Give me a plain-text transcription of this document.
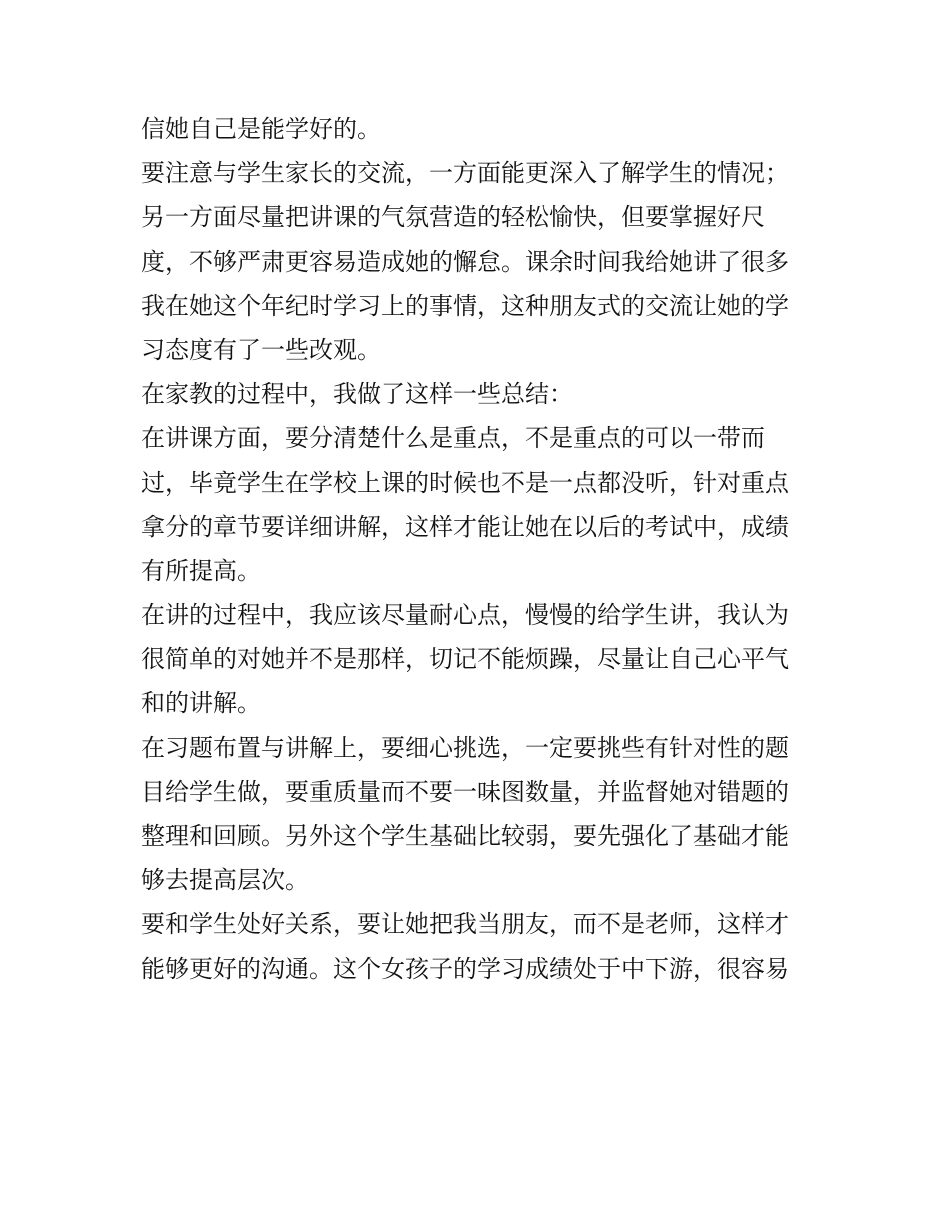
信她自己是能学好的。
要注意与学生家长的交流，一方面能更深入了解学生的情况；
另一方面尽量把讲课的气氛营造的轻松愉快，但要掌握好尺
度，不够严肃更容易造成她的懈怠。课余时间我给她讲了很多
我在她这个年纪时学习上的事情，这种朋友式的交流让她的学
习态度有了一些改观。
在家教的过程中，我做了这样一些总结：
在讲课方面，要分清楚什么是重点，不是重点的可以一带而
过，毕竟学生在学校上课的时候也不是一点都没听，针对重点
拿分的章节要详细讲解，这样才能让她在以后的考试中，成绩
有所提高。
在讲的过程中，我应该尽量耐心点，慢慢的给学生讲，我认为
很简单的对她并不是那样，切记不能烦躁，尽量让自己心平气
和的讲解。
在习题布置与讲解上，要细心挑选，一定要挑些有针对性的题
目给学生做，要重质量而不要一味图数量，并监督她对错题的
整理和回顾。另外这个学生基础比较弱，要先强化了基础才能
够去提高层次。
要和学生处好关系，要让她把我当朋友，而不是老师，这样才
能够更好的沟通。这个女孩子的学习成绩处于中下游，很容易
